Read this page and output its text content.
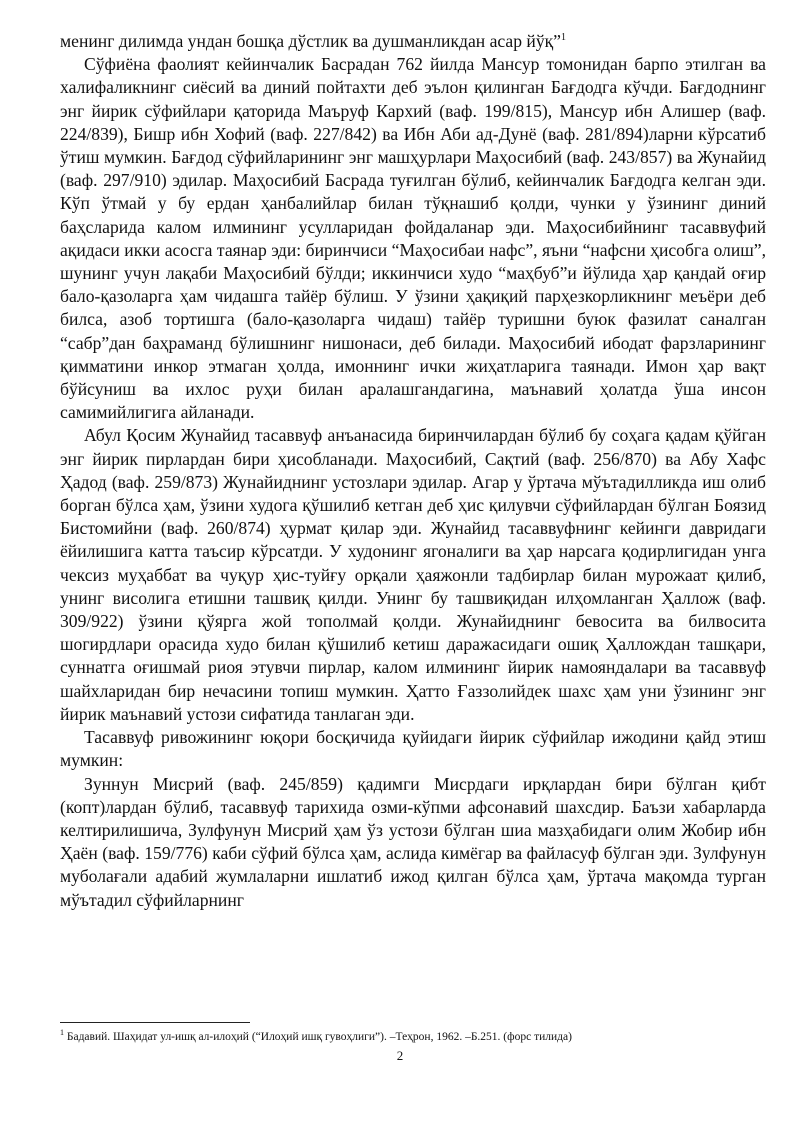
менинг дилимда ундан бошқа дўстлик ва душманликдан асар йўқ”$^1$

Сўфиёна фаолият кейинчалик Басрадан 762 йилда Мансур томонидан барпо этилган ва халифаликнинг сиёсий ва диний пойтахти деб эълон қилинган Бағдодга кўчди. Бағдоднинг энг йирик сўфийлари қаторида Маъруф Кархий (ваф. 199/815), Мансур ибн Алишер (ваф. 224/839), Бишр ибн Хофий (ваф. 227/842) ва Ибн Аби ад-Дунё (ваф. 281/894)ларни кўрсатиб ўтиш мумкин. Бағдод сўфийларининг энг машҳурлари Маҳосибий (ваф. 243/857) ва Жунайид (ваф. 297/910) эдилар. Маҳосибий Басрада туғилган бўлиб, кейинчалик Бағдодга келган эди. Кўп ўтмай у бу ердан ҳанбалийлар билан тўқнашиб қолди, чунки у ўзининг диний баҳсларида калом илмининг усулларидан фойдаланар эди. Маҳосибийнинг тасаввуфий ақидаси икки асосга таянар эди: биринчиси “Маҳосибаи нафс”, яъни “нафсни ҳисобга олиш”, шунинг учун лақаби Маҳосибий бўлди; иккинчиси худо “маҳбуб”и йўлида ҳар қандай оғир бало-қазоларга ҳам чидашга тайёр бўлиш. У ўзини ҳақиқий парҳезкорликнинг меъёри деб билса, азоб тортишга (бало-қазоларга чидаш) тайёр туришни буюк фазилат саналган “сабр”дан баҳраманд бўлишнинг нишонаси, деб билади. Маҳосибий ибодат фарзларининг қимматини инкор этмаган ҳолда, имоннинг ички жиҳатларига таянади. Имон ҳар вақт бўйсуниш ва ихлос руҳи билан аралашгандагина, маънавий ҳолатда ўша инсон самимийлигига айланади.

Абул Қосим Жунайид тасаввуф анъанасида биринчилардан бўлиб бу соҳага қадам қўйган энг йирик пирлардан бири ҳисобланади. Маҳосибий, Сақтий (ваф. 256/870) ва Абу Хафс Ҳадод (ваф. 259/873) Жунайиднинг устозлари эдилар. Агар у ўртача мўътадилликда иш олиб борган бўлса ҳам, ўзини худога қўшилиб кетган деб ҳис қилувчи сўфийлардан бўлган Боязид Бистомийни (ваф. 260/874) ҳурмат қилар эди. Жунайид тасаввуфнинг кейинги давридаги ёйилишига катта таъсир кўрсатди. У худонинг ягоналиги ва ҳар нарсага қодирлигидан унга чексиз муҳаббат ва чуқур ҳис-туйғу орқали ҳаяжонли тадбирлар билан мурожаат қилиб, унинг висолига етишни ташвиқ қилди. Унинг бу ташвиқидан илҳомланган Ҳаллож (ваф. 309/922) ўзини қўярга жой тополмай қолди. Жунайиднинг бевосита ва билвосита шогирдлари орасида худо билан қўшилиб кетиш даражасидаги ошиқ Ҳаллождан ташқари, суннатга оғишмай риоя этувчи пирлар, калом илмининг йирик намояндалари ва тасаввуф шайхларидан бир нечасини топиш мумкин. Ҳатто Ғаззолийдек шахс ҳам уни ўзининг энг йирик маънавий устози сифатида танлаган эди.

Тасаввуф ривожининг юқори босқичида қуйидаги йирик сўфийлар ижодини қайд этиш мумкин:

Зуннун Мисрий (ваф. 245/859) қадимги Мисрдаги ирқлардан бири бўлган қибт (копт)лардан бўлиб, тасаввуф тарихида озми-кўпми афсонавий шахсдир. Баъзи хабарларда келтирилишича, Зулфунун Мисрий ҳам ўз устози бўлган шиа мазҳабидаги олим Жобир ибн Ҳаён (ваф. 159/776) каби сўфий бўлса ҳам, аслида кимёгар ва файласуф бўлган эди. Зулфунун муболағали адабий жумлаларни ишлатиб ижод қилган бўлса ҳам, ўртача мақомда турган мўътадил сўфийларнинг

$^1$ Бадавий. Шаҳидат ул-ишқ ал-илоҳий (“Илоҳий ишқ гувоҳлиги”). –Теҳрон, 1962. –Б.251. (форс тилида)

2
